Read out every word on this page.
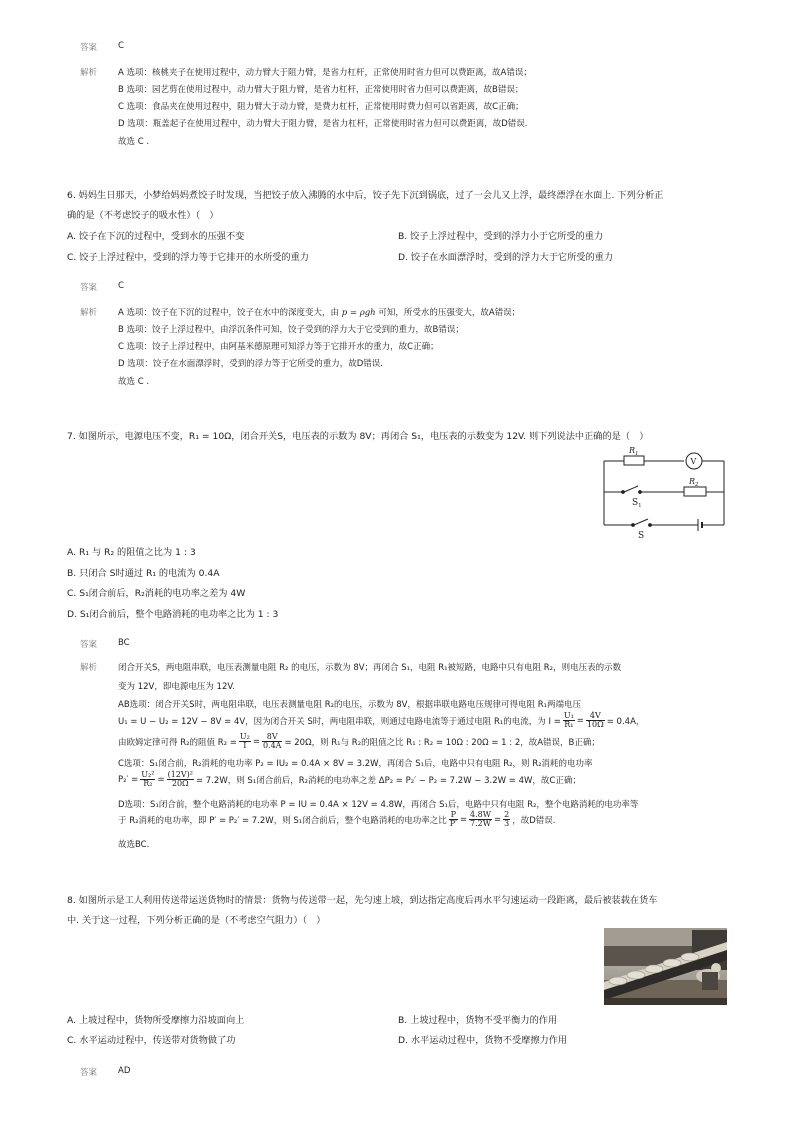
答案 C
解析 A 选项：核桃夹子在使用过程中，动力臂大于阻力臂，是省力杠杆，正常使用时省力但可以费距离，故A错误；
B 选项：园艺剪在使用过程中，动力臂大于阻力臂，是省力杠杆，正常使用时省力但可以费距离，故B错误；
C 选项：食品夹在使用过程中，阻力臂大于动力臂，是费力杠杆，正常使用时费力但可以省距离，故C正确；
D 选项：瓶盖起子在使用过程中，动力臂大于阻力臂，是省力杠杆，正常使用时省力但可以费距离，故D错误.
故选 C .
6. 妈妈生日那天，小梦给妈妈煮饺子时发现，当把饺子放入沸腾的水中后，饺子先下沉到锅底，过了一会儿又上浮，最终漂浮在水面上. 下列分析正
确的是（不考虑饺子的吸水性）（　）
A. 饺子在下沉的过程中，受到水的压强不变	B. 饺子上浮过程中，受到的浮力小于它所受的重力
C. 饺子上浮过程中，受到的浮力等于它排开的水所受的重力	D. 饺子在水面漂浮时，受到的浮力大于它所受的重力
答案 C
解析 A 选项：饺子在下沉的过程中，饺子在水中的深度变大，由 p = ρgh 可知，所受水的压强变大，故A错误；
B 选项：饺子上浮过程中，由浮沉条件可知，饺子受到的浮力大于它受到的重力，故B错误；
C 选项：饺子上浮过程中，由阿基米德原理可知浮力等于它排开水的重力，故C正确；
D 选项：饺子在水面漂浮时，受到的浮力等于它所受的重力，故D错误.
故选 C .
7. 如图所示，电源电压不变，R₁ = 10Ω，闭合开关S，电压表的示数为 8V；再闭合 S₁，电压表的示数变为 12V. 则下列说法中正确的是（　）
$R_1$
V
$R_2$
$S_1$
S
A. R₁ 与 R₂ 的阻值之比为 1 : 3
B. 只闭合 S时通过 R₁ 的电流为 0.4A
C. S₁闭合前后，R₂消耗的电功率之差为 4W
D. S₁闭合前后，整个电路消耗的电功率之比为 1 : 3
答案 BC
解析 闭合开关S，两电阻串联，电压表测量电阻 R₂ 的电压，示数为 8V；再闭合 S₁，电阻 R₁被短路，电路中只有电阻 R₂，则电压表的示数
变为 12V，即电源电压为 12V.
AB选项：闭合开关S时，两电阻串联，电压表测量电阻 R₂的电压，示数为 8V，根据串联电路电压规律可得电阻 R₁两端电压
U₁ = U − U₂ = 12V − 8V = 4V，因为闭合开关 S时，两电阻串联，则通过电路电流等于通过电阻 R₁的电流，为 $I = \frac{\text{U₁}}{\text{R₁}} = \frac{4V}{10\Omega} = 0.4A$，
由欧姆定律可得 R₂的阻值 $R_2 = \frac{\text{U₂}}{I} = \frac{8V}{0.4A} = 20\Omega$，则 R₁与 R₂的阻值之比 R₁ : R₂ = 10Ω : 20Ω = 1 : 2，故A错误，B正确；
C选项：S₁闭合前，R₂消耗的电功率 P₂ = IU₂ = 0.4A × 8V = 3.2W，再闭合 S₁后，电路中只有电阻 R₂，则 R₂消耗的电功率
$P_2' = \frac{\text{U₂²}}{\text{R₂}} = \frac{\text{(12V)²}}{20\Omega} = 7.2W$，则 S₁闭合前后，R₂消耗的电功率之差 ΔP₂ = P₂′ − P₂ = 7.2W − 3.2W = 4W，故C正确；
D选项：S₁闭合前，整个电路消耗的电功率 P = IU = 0.4A × 12V = 4.8W，再闭合 S₁后，电路中只有电阻 R₂，整个电路消耗的电功率等
于 R₂消耗的电功率，即 P′ = P₂′ = 7.2W，则 S₁闭合前后，整个电路消耗的电功率之比 $\frac{P}{P'} = \frac{4.8W}{7.2W} = \frac{2}{3}$ ，故D错误.
故选BC.
8. 如图所示是工人利用传送带运送货物时的情景：货物与传送带一起，先匀速上坡，到达指定高度后再水平匀速运动一段距离，最后被装载在货车
中. 关于这一过程，下列分析正确的是（不考虑空气阻力）（　）
A. 上坡过程中，货物所受摩擦力沿坡面向上	B. 上坡过程中，货物不受平衡力的作用
C. 水平运动过程中，传送带对货物做了功	D. 水平运动过程中，货物不受摩擦力作用
答案 AD
